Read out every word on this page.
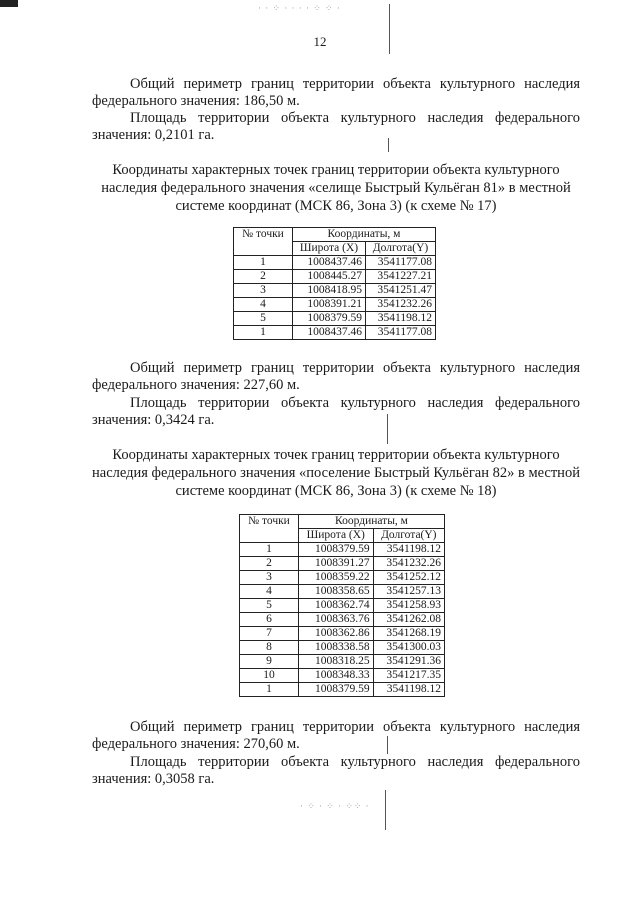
· · ⁘ · · · · ⁘ ⁘ ·
12

Общий периметр границ территории объекта культурного наследия федерального значения: 186,50 м.

Площадь территории объекта культурного наследия федерального значения: 0,2101 га.

Координаты характерных точек границ территории объекта культурного наследия федерального значения «селище Быстрый Кульёган 81» в местной системе координат (МСК 86, Зона 3) (к схеме № 17)

№ точки	Координаты, м	
	Широта (X)	Долгота(Y)
1	1008437.46	3541177.08
2	1008445.27	3541227.21
3	1008418.95	3541251.47
4	1008391.21	3541232.26
5	1008379.59	3541198.12
1	1008437.46	3541177.08

Общий периметр границ территории объекта культурного наследия федерального значения: 227,60 м.

Площадь территории объекта культурного наследия федерального значения: 0,3424 га.

Координаты характерных точек границ территории объекта культурного наследия федерального значения «поселение Быстрый Кульёган 82» в местной системе координат (МСК 86, Зона 3) (к схеме № 18)

№ точки	Координаты, м	
	Широта (X)	Долгота(Y)
1	1008379.59	3541198.12
2	1008391.27	3541232.26
3	1008359.22	3541252.12
4	1008358.65	3541257.13
5	1008362.74	3541258.93
6	1008363.76	3541262.08
7	1008362.86	3541268.19
8	1008338.58	3541300.03
9	1008318.25	3541291.36
10	1008348.33	3541217.35
1	1008379.59	3541198.12

Общий периметр границ территории объекта культурного наследия федерального значения: 270,60 м.

Площадь территории объекта культурного наследия федерального значения: 0,3058 га.

· ⁘ · ⁘ · ⁘⁘ ·
